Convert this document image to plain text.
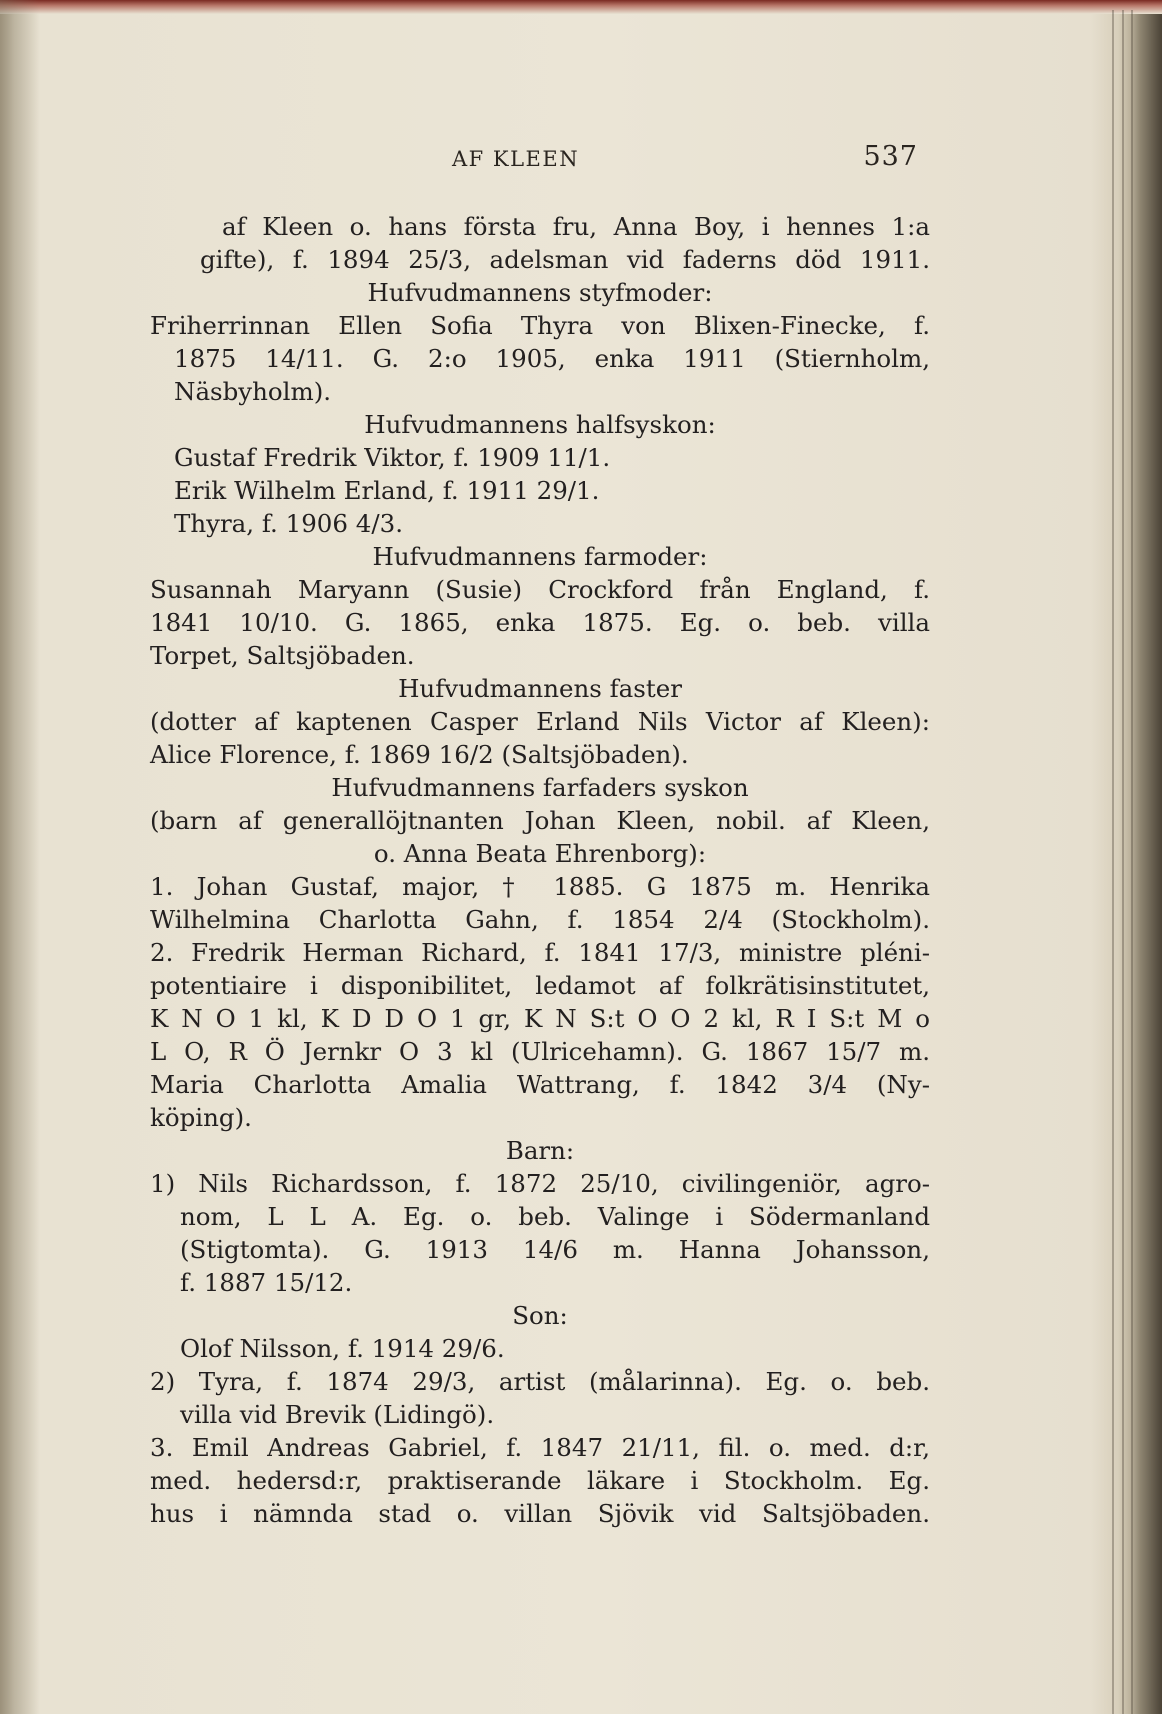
AF KLEEN	537
af Kleen o. hans första fru, Anna Boy, i hennes 1:a
gifte), f. 1894 25/3, adelsman vid faderns död 1911.
Hufvudmannens styfmoder:
Friherrinnan Ellen Sofia Thyra von Blixen-Finecke, f.
1875 14/11. G. 2:o 1905, enka 1911 (Stiernholm,
Näsbyholm).
Hufvudmannens halfsyskon:
Gustaf Fredrik Viktor, f. 1909 11/1.
Erik Wilhelm Erland, f. 1911 29/1.
Thyra, f. 1906 4/3.
Hufvudmannens farmoder:
Susannah Maryann (Susie) Crockford från England, f.
1841 10/10. G. 1865, enka 1875. Eg. o. beb. villa
Torpet, Saltsjöbaden.
Hufvudmannens faster
(dotter af kaptenen Casper Erland Nils Victor af Kleen):
Alice Florence, f. 1869 16/2 (Saltsjöbaden).
Hufvudmannens farfaders syskon
(barn af generallöjtnanten Johan Kleen, nobil. af Kleen,
o. Anna Beata Ehrenborg):
1. Johan Gustaf, major, † 1885. G 1875 m. Henrika
Wilhelmina Charlotta Gahn, f. 1854 2/4 (Stockholm).
2. Fredrik Herman Richard, f. 1841 17/3, ministre pléni-
potentiaire i disponibilitet, ledamot af folkrätisinstitutet,
K N O 1 kl, K D D O 1 gr, K N S:t O O 2 kl, R I S:t M o
L O, R Ö Jernkr O 3 kl (Ulricehamn). G. 1867 15/7 m.
Maria Charlotta Amalia Wattrang, f. 1842 3/4 (Ny-
köping).
Barn:
1) Nils Richardsson, f. 1872 25/10, civilingeniör, agro-
nom, L L A. Eg. o. beb. Valinge i Södermanland
(Stigtomta). G. 1913 14/6 m. Hanna Johansson,
f. 1887 15/12.
Son:
Olof Nilsson, f. 1914 29/6.
2) Tyra, f. 1874 29/3, artist (målarinna). Eg. o. beb.
villa vid Brevik (Lidingö).
3. Emil Andreas Gabriel, f. 1847 21/11, fil. o. med. d:r,
med. hedersd:r, praktiserande läkare i Stockholm. Eg.
hus i nämnda stad o. villan Sjövik vid Saltsjöbaden.
